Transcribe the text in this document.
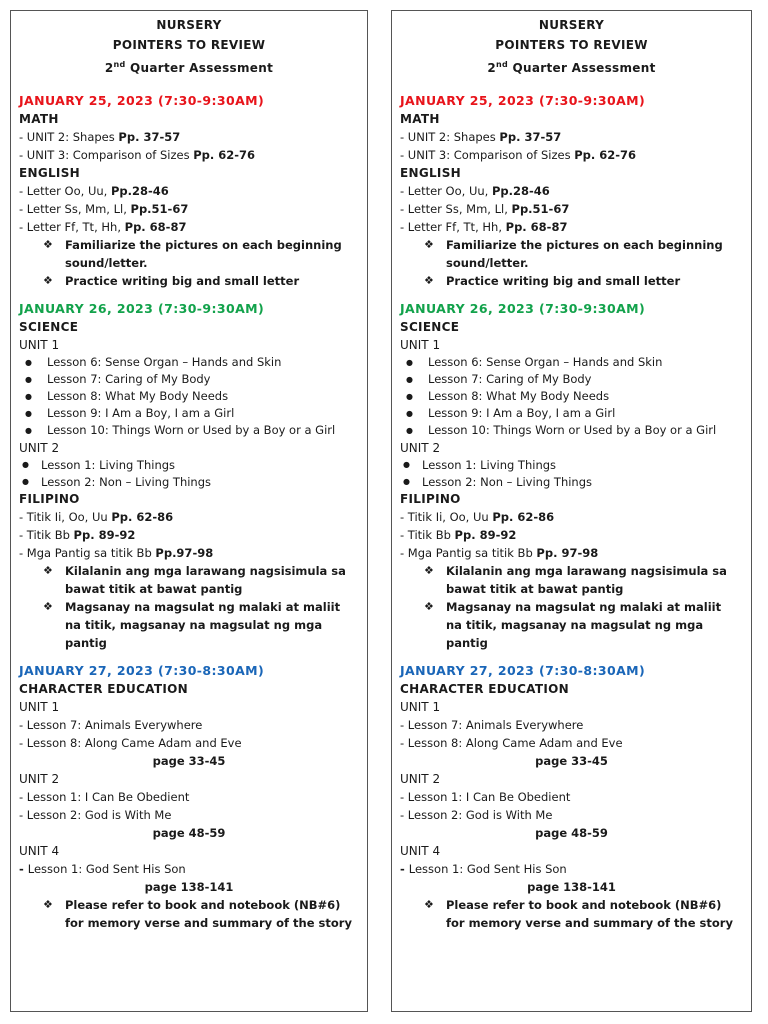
NURSERY
POINTERS TO REVIEW
2nd Quarter Assessment
JANUARY 25, 2023 (7:30-9:30AM)
MATH
- UNIT 2: Shapes Pp. 37-57
- UNIT 3: Comparison of Sizes Pp. 62-76
ENGLISH
- Letter Oo, Uu, Pp.28-46
- Letter Ss, Mm, Ll, Pp.51-67
- Letter Ff, Tt, Hh, Pp. 68-87
❖ Familiarize the pictures on each beginning sound/letter.
❖ Practice writing big and small letter
JANUARY 26, 2023 (7:30-9:30AM)
SCIENCE
UNIT 1
● Lesson 6: Sense Organ – Hands and Skin
● Lesson 7: Caring of My Body
● Lesson 8: What My Body Needs
● Lesson 9: I Am a Boy, I am a Girl
● Lesson 10: Things Worn or Used by a Boy or a Girl
UNIT 2
● Lesson 1: Living Things
● Lesson 2: Non – Living Things
FILIPINO
- Titik Ii, Oo, Uu Pp. 62-86
- Titik Bb Pp. 89-92
- Mga Pantig sa titik Bb Pp.97-98
❖ Kilalanin ang mga larawang nagsisimula sa bawat titik at bawat pantig
❖ Magsanay na magsulat ng malaki at maliit na titik, magsanay na magsulat ng mga pantig
JANUARY 27, 2023 (7:30-8:30AM)
CHARACTER EDUCATION
UNIT 1
- Lesson 7: Animals Everywhere
- Lesson 8: Along Came Adam and Eve
page 33-45
UNIT 2
- Lesson 1: I Can Be Obedient
- Lesson 2: God is With Me
page 48-59
UNIT 4
- Lesson 1: God Sent His Son
page 138-141
❖ Please refer to book and notebook (NB#6) for memory verse and summary of the story
NURSERY
POINTERS TO REVIEW
2nd Quarter Assessment
JANUARY 25, 2023 (7:30-9:30AM)
MATH
- UNIT 2: Shapes Pp. 37-57
- UNIT 3: Comparison of Sizes Pp. 62-76
ENGLISH
- Letter Oo, Uu, Pp.28-46
- Letter Ss, Mm, Ll, Pp.51-67
- Letter Ff, Tt, Hh, Pp. 68-87
❖ Familiarize the pictures on each beginning sound/letter.
❖ Practice writing big and small letter
JANUARY 26, 2023 (7:30-9:30AM)
SCIENCE
UNIT 1
● Lesson 6: Sense Organ – Hands and Skin
● Lesson 7: Caring of My Body
● Lesson 8: What My Body Needs
● Lesson 9: I Am a Boy, I am a Girl
● Lesson 10: Things Worn or Used by a Boy or a Girl
UNIT 2
● Lesson 1: Living Things
● Lesson 2: Non – Living Things
FILIPINO
- Titik Ii, Oo, Uu Pp. 62-86
- Titik Bb Pp. 89-92
- Mga Pantig sa titik Bb Pp. 97-98
❖ Kilalanin ang mga larawang nagsisimula sa bawat titik at bawat pantig
❖ Magsanay na magsulat ng malaki at maliit na titik, magsanay na magsulat ng mga pantig
JANUARY 27, 2023 (7:30-8:30AM)
CHARACTER EDUCATION
UNIT 1
- Lesson 7: Animals Everywhere
- Lesson 8: Along Came Adam and Eve
page 33-45
UNIT 2
- Lesson 1: I Can Be Obedient
- Lesson 2: God is With Me
page 48-59
UNIT 4
- Lesson 1: God Sent His Son
page 138-141
❖ Please refer to book and notebook (NB#6) for memory verse and summary of the story
